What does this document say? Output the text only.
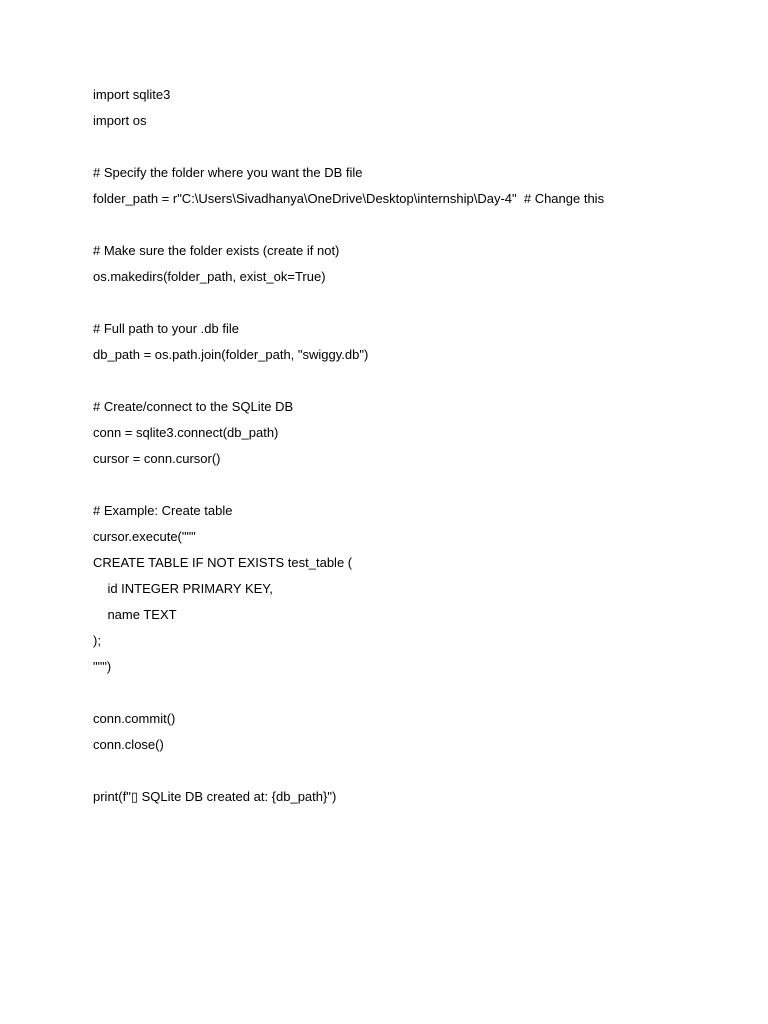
import sqlite3
import os
# Specify the folder where you want the DB file
folder_path = r"C:\Users\Sivadhanya\OneDrive\Desktop\internship\Day-4"  # Change this
# Make sure the folder exists (create if not)
os.makedirs(folder_path, exist_ok=True)
# Full path to your .db file
db_path = os.path.join(folder_path, "swiggy.db")
# Create/connect to the SQLite DB
conn = sqlite3.connect(db_path)
cursor = conn.cursor()
# Example: Create table
cursor.execute("""
CREATE TABLE IF NOT EXISTS test_table (
id INTEGER PRIMARY KEY,
name TEXT
);
""")
conn.commit()
conn.close()
print(f"▯ SQLite DB created at: {db_path}")
